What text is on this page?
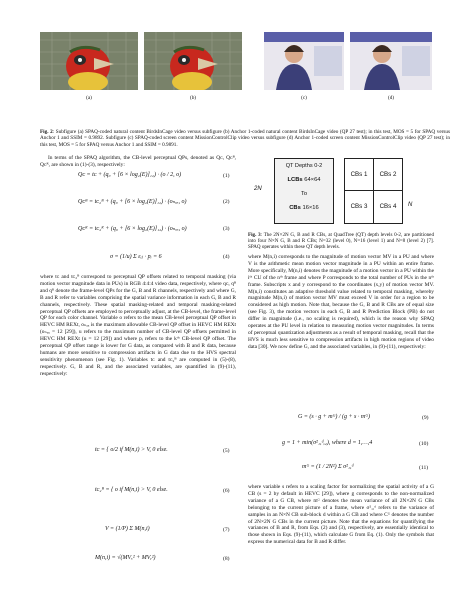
(a)	(b)	(c)	(d)
Fig. 2: Subfigure (a) SPAQ-coded natural content BirdsInCage video versus subfigure (b) Anchor 1-coded natural content BirdsInCage video (QP 27 test); in this test, MOS = 5 for SPAQ versus Anchor 1 and SSIM = 0.9892. Subfigure (c) SPAQ-coded screen content MissionControlClip video versus subfigure (d) Anchor 1-coded screen content MissionControlClip video (QP 27 test); in this test, MOS = 5 for SPAQ versus Anchor 1 and SSIM = 0.9891.

In terms of the SPAQ algorithm, the CB-level perceptual QPs, denoted as Qᴄ, Qᴄᴮ, Qᴄᴿ, are shown in (1)-(3), respectively:

Qᴄ = tᴄ + (q₀ + [6 × log₂(E)]₁₂) ∙ (o / 2, o)	(1)
Qᴄᴮ = tᴄ₂ᴮ + (q₀ + [6 × log₂(E)]₁₂) ∙ (oₙₐₓ, o)	(2)
Qᴄᴿ = tᴄ₂ᴿ + (q₀ + [6 × log₂(E)]₁₂) ∙ (oₙₐₓ, o)	(3)
σ = (1/u) Σ εᵢⱼ ∙ pᵢ = 6	(4)

where tᴄ and tᴄ₂ᴮ correspond to perceptual QP offsets related to temporal masking (via motion vector magnitude data in PUs) in RGB 4:4:4 video data, respectively, where qᴄ, qᴮ and qᴿ denote the frame-level QPs for the G, B and R channels, respectively and where G, B and R refer to variables comprising the spatial variance information in each G, B and R channels, respectively. These spatial masking-related and temporal masking-related perceptual QP offsets are employed to perceptually adjust, at the CB-level, the frame-level QP for each color channel. Variable o refers to the mean CB-level perceptual QP offset in HEVC HM REXt, oₙₐₓ is the maximum allowable CB-level QP offset in HEVC HM REXt (oₙₐₓ = 12 [29]), u refers to the maximum number of CB-level QP offsets permitted in HEVC HM REXt (u = 12 [29]) and where pᵢ refers to the kᵗʰ CB-level QP offset. The perceptual QP offset range is lower for G data, as compared with B and R data, because humans are more sensitive to compression artifacts in G data due to the HVS spectral sensitivity phenomenon (see Fig. 1). Variables tᴄ and tᴄ₂ᴮ are computed in (5)-(8), respectively. G, B and R, and the associated variables, are quantified in (9)-(11), respectively:

tᴄ = { o/2 if M(n,i) > V, 0 else.	(5)
tᴄ₂ᴮ = { o if M(n,i) > V, 0 else.	(6)
V = (1/P) Σ M(n,i)	(7)
M(n,i) = √(MVₓ² + MVᵧ²)	(8)
QT Depths 0-2
LCBs 64×64
To
CBs 16×16
2N
CBs 1	CBs 2
CBs 3	CBs 4	N

Fig. 3: The 2N×2N G, B and R CBs, at QuadTree (QT) depth levels 0-2, are partitioned into four N×N G, B and R CBs; N=32 (level 0), N=16 (level 1) and N=8 (level 2) [7]. SPAQ operates within these QT depth levels.

where M(n,i) corresponds to the magnitude of motion vector MV in a PU and where V is the arithmetic mean motion vector magnitude in a PU within an entire frame. More specifically, M(n,i) denotes the magnitude of a motion vector in a PU within the iᵗʰ CU of the nᵗʰ frame and where P corresponds to the total number of PUs in the nᵗʰ frame. Subscripts x and y correspond to the coordinates (x,y) of motion vector MV. M(n,i) constitutes an adaptive threshold value related to temporal masking, whereby magnitude M(n,i) of motion vector MV must exceed V in order for a region to be considered as high motion. Note that, because the G, B and R CBs are of equal size (see Fig. 3), the motion vectors in each G, B and R Prediction Block (PB) do not differ in magnitude (i.e., no scaling is required), which is the reason why SPAQ operates at the PU level in relation to measuring motion vector magnitudes. In terms of perceptual quantization adjustments as a result of temporal masking, recall that the HVS is much less sensitive to compression artifacts in high motion regions of video data [30]. We now define G, and the associated variables, in (9)-(11), respectively:

G = (s ∙ g + mᴳ) / (g + s ∙ mᴳ)	(9)
g = 1 + min(σ²₁,ᵈ,₂), where d = 1,…,4	(10)
mᴳ = (1 / 2N²) Σ σ²₁,ᵈ	(11)

where variable s refers to a scaling factor for normalizing the spatial activity of a G CB (s = 2 by default in HEVC [29]), where g corresponds to the non-normalized variance of a G CB, where mᴳ denotes the mean variance of all 2N×2N G CBs belonging to the current picture of a frame, where σ²₁,ᵈ refers to the variance of samples in an N×N CB sub-block d within a G CB and where Cᴳ denotes the number of 2N×2N G CBs in the current picture. Note that the equations for quantifying the variances of B and R, from Eqs. (2) and (3), respectively, are essentially identical to those shown in Eqs. (9)-(11), which calculate G from Eq. (1). Only the symbols that express the numerical data for B and R differ.
